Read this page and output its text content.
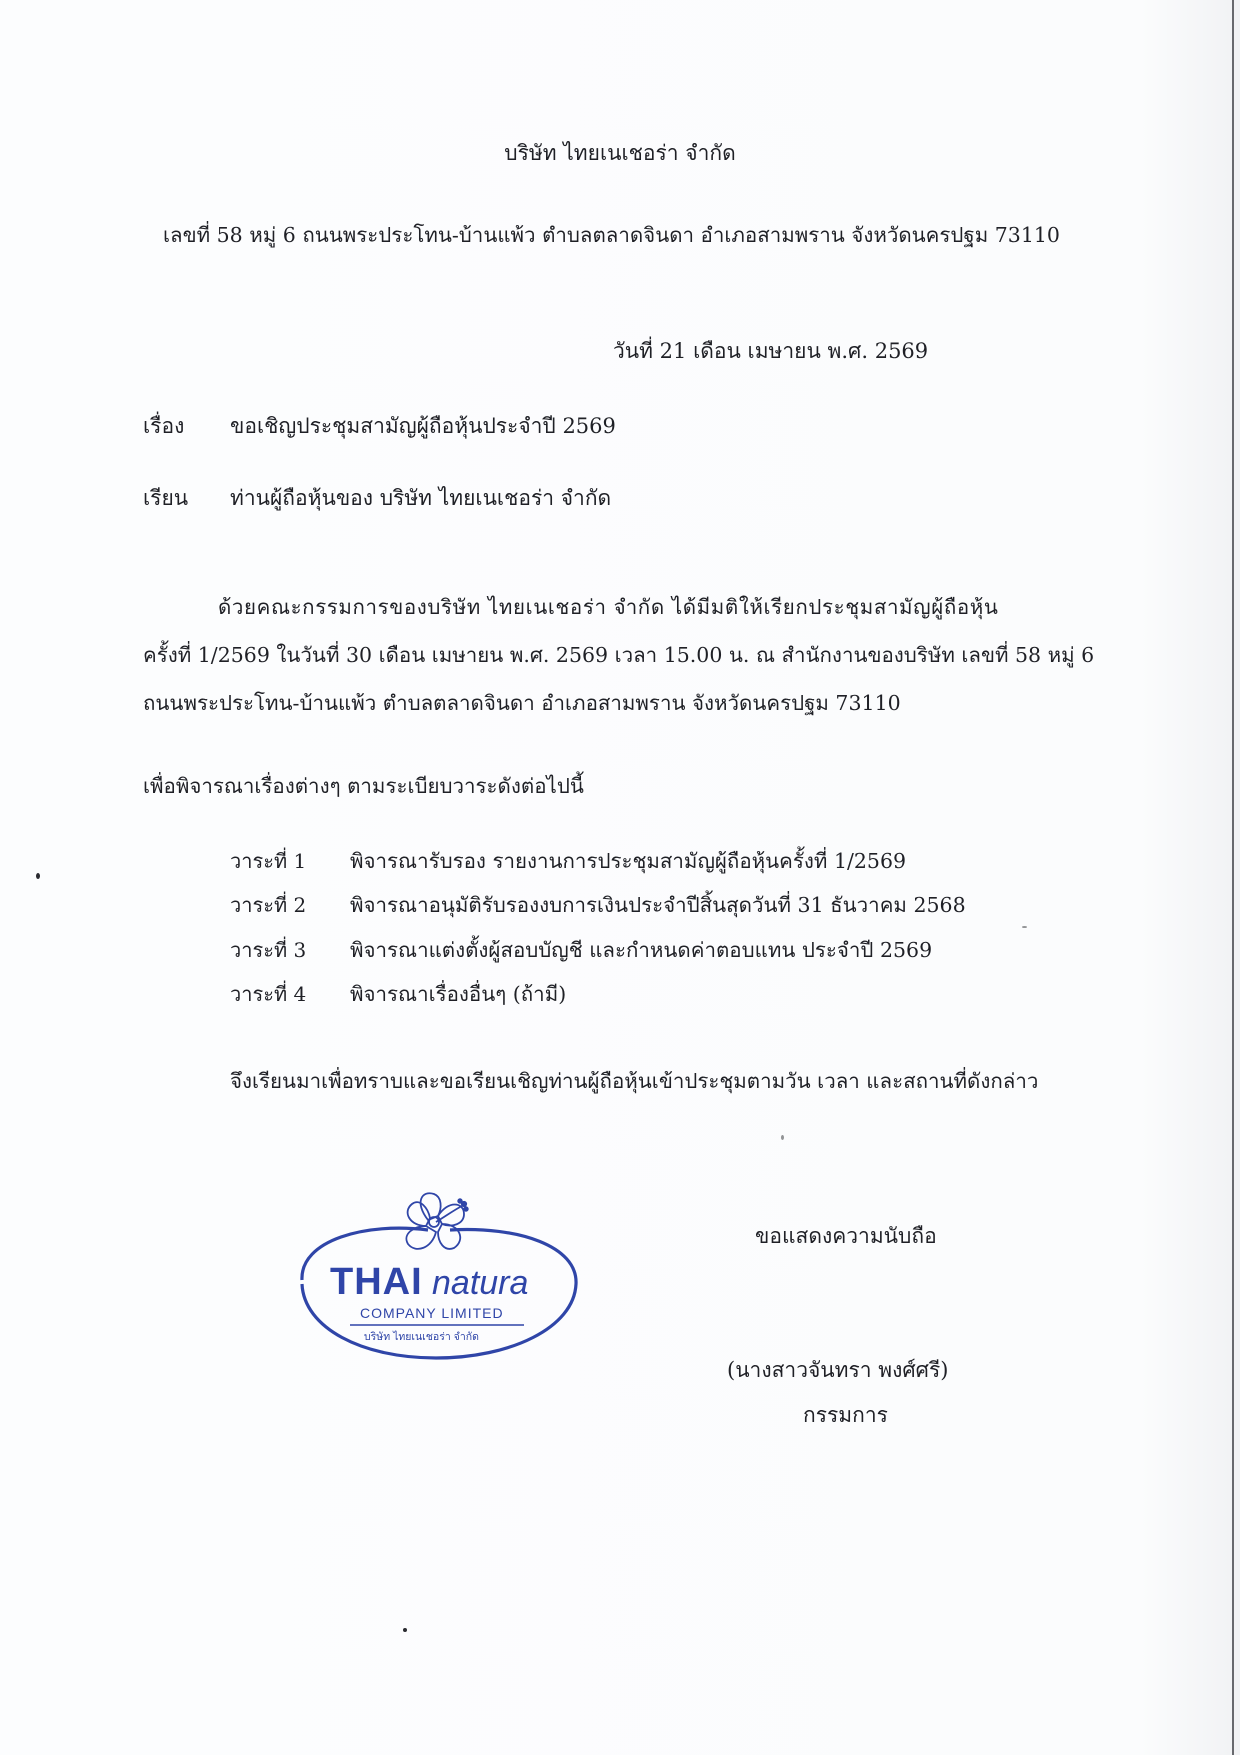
บริษัท ไทยเนเชอร่า จำกัด
เลขที่ 58 หมู่ 6 ถนนพระประโทน-บ้านแพ้ว ตำบลตลาดจินดา อำเภอสามพราน จังหวัดนครปฐม 73110
วันที่ 21 เดือน เมษายน พ.ศ. 2569
เรื่อง ขอเชิญประชุมสามัญผู้ถือหุ้นประจำปี 2569
เรียน ท่านผู้ถือหุ้นของ บริษัท ไทยเนเชอร่า จำกัด
ด้วยคณะกรรมการของบริษัท ไทยเนเชอร่า จำกัด ได้มีมติให้เรียกประชุมสามัญผู้ถือหุ้น
ครั้งที่ 1/2569 ในวันที่ 30 เดือน เมษายน พ.ศ. 2569 เวลา 15.00 น. ณ สำนักงานของบริษัท เลขที่ 58 หมู่ 6
ถนนพระประโทน-บ้านแพ้ว ตำบลตลาดจินดา อำเภอสามพราน จังหวัดนครปฐม 73110
เพื่อพิจารณาเรื่องต่างๆ ตามระเบียบวาระดังต่อไปนี้
วาระที่ 1 พิจารณารับรอง รายงานการประชุมสามัญผู้ถือหุ้นครั้งที่ 1/2569
วาระที่ 2 พิจารณาอนุมัติรับรองงบการเงินประจำปีสิ้นสุดวันที่ 31 ธันวาคม 2568
วาระที่ 3 พิจารณาแต่งตั้งผู้สอบบัญชี และกำหนดค่าตอบแทน ประจำปี 2569
วาระที่ 4 พิจารณาเรื่องอื่นๆ (ถ้ามี)
จึงเรียนมาเพื่อทราบและขอเรียนเชิญท่านผู้ถือหุ้นเข้าประชุมตามวัน เวลา และสถานที่ดังกล่าว
THAI natura
COMPANY LIMITED
บริษัท ไทยเนเชอร่า จำกัด
ขอแสดงความนับถือ
(นางสาวจันทรา พงศ์ศรี)
กรรมการ
